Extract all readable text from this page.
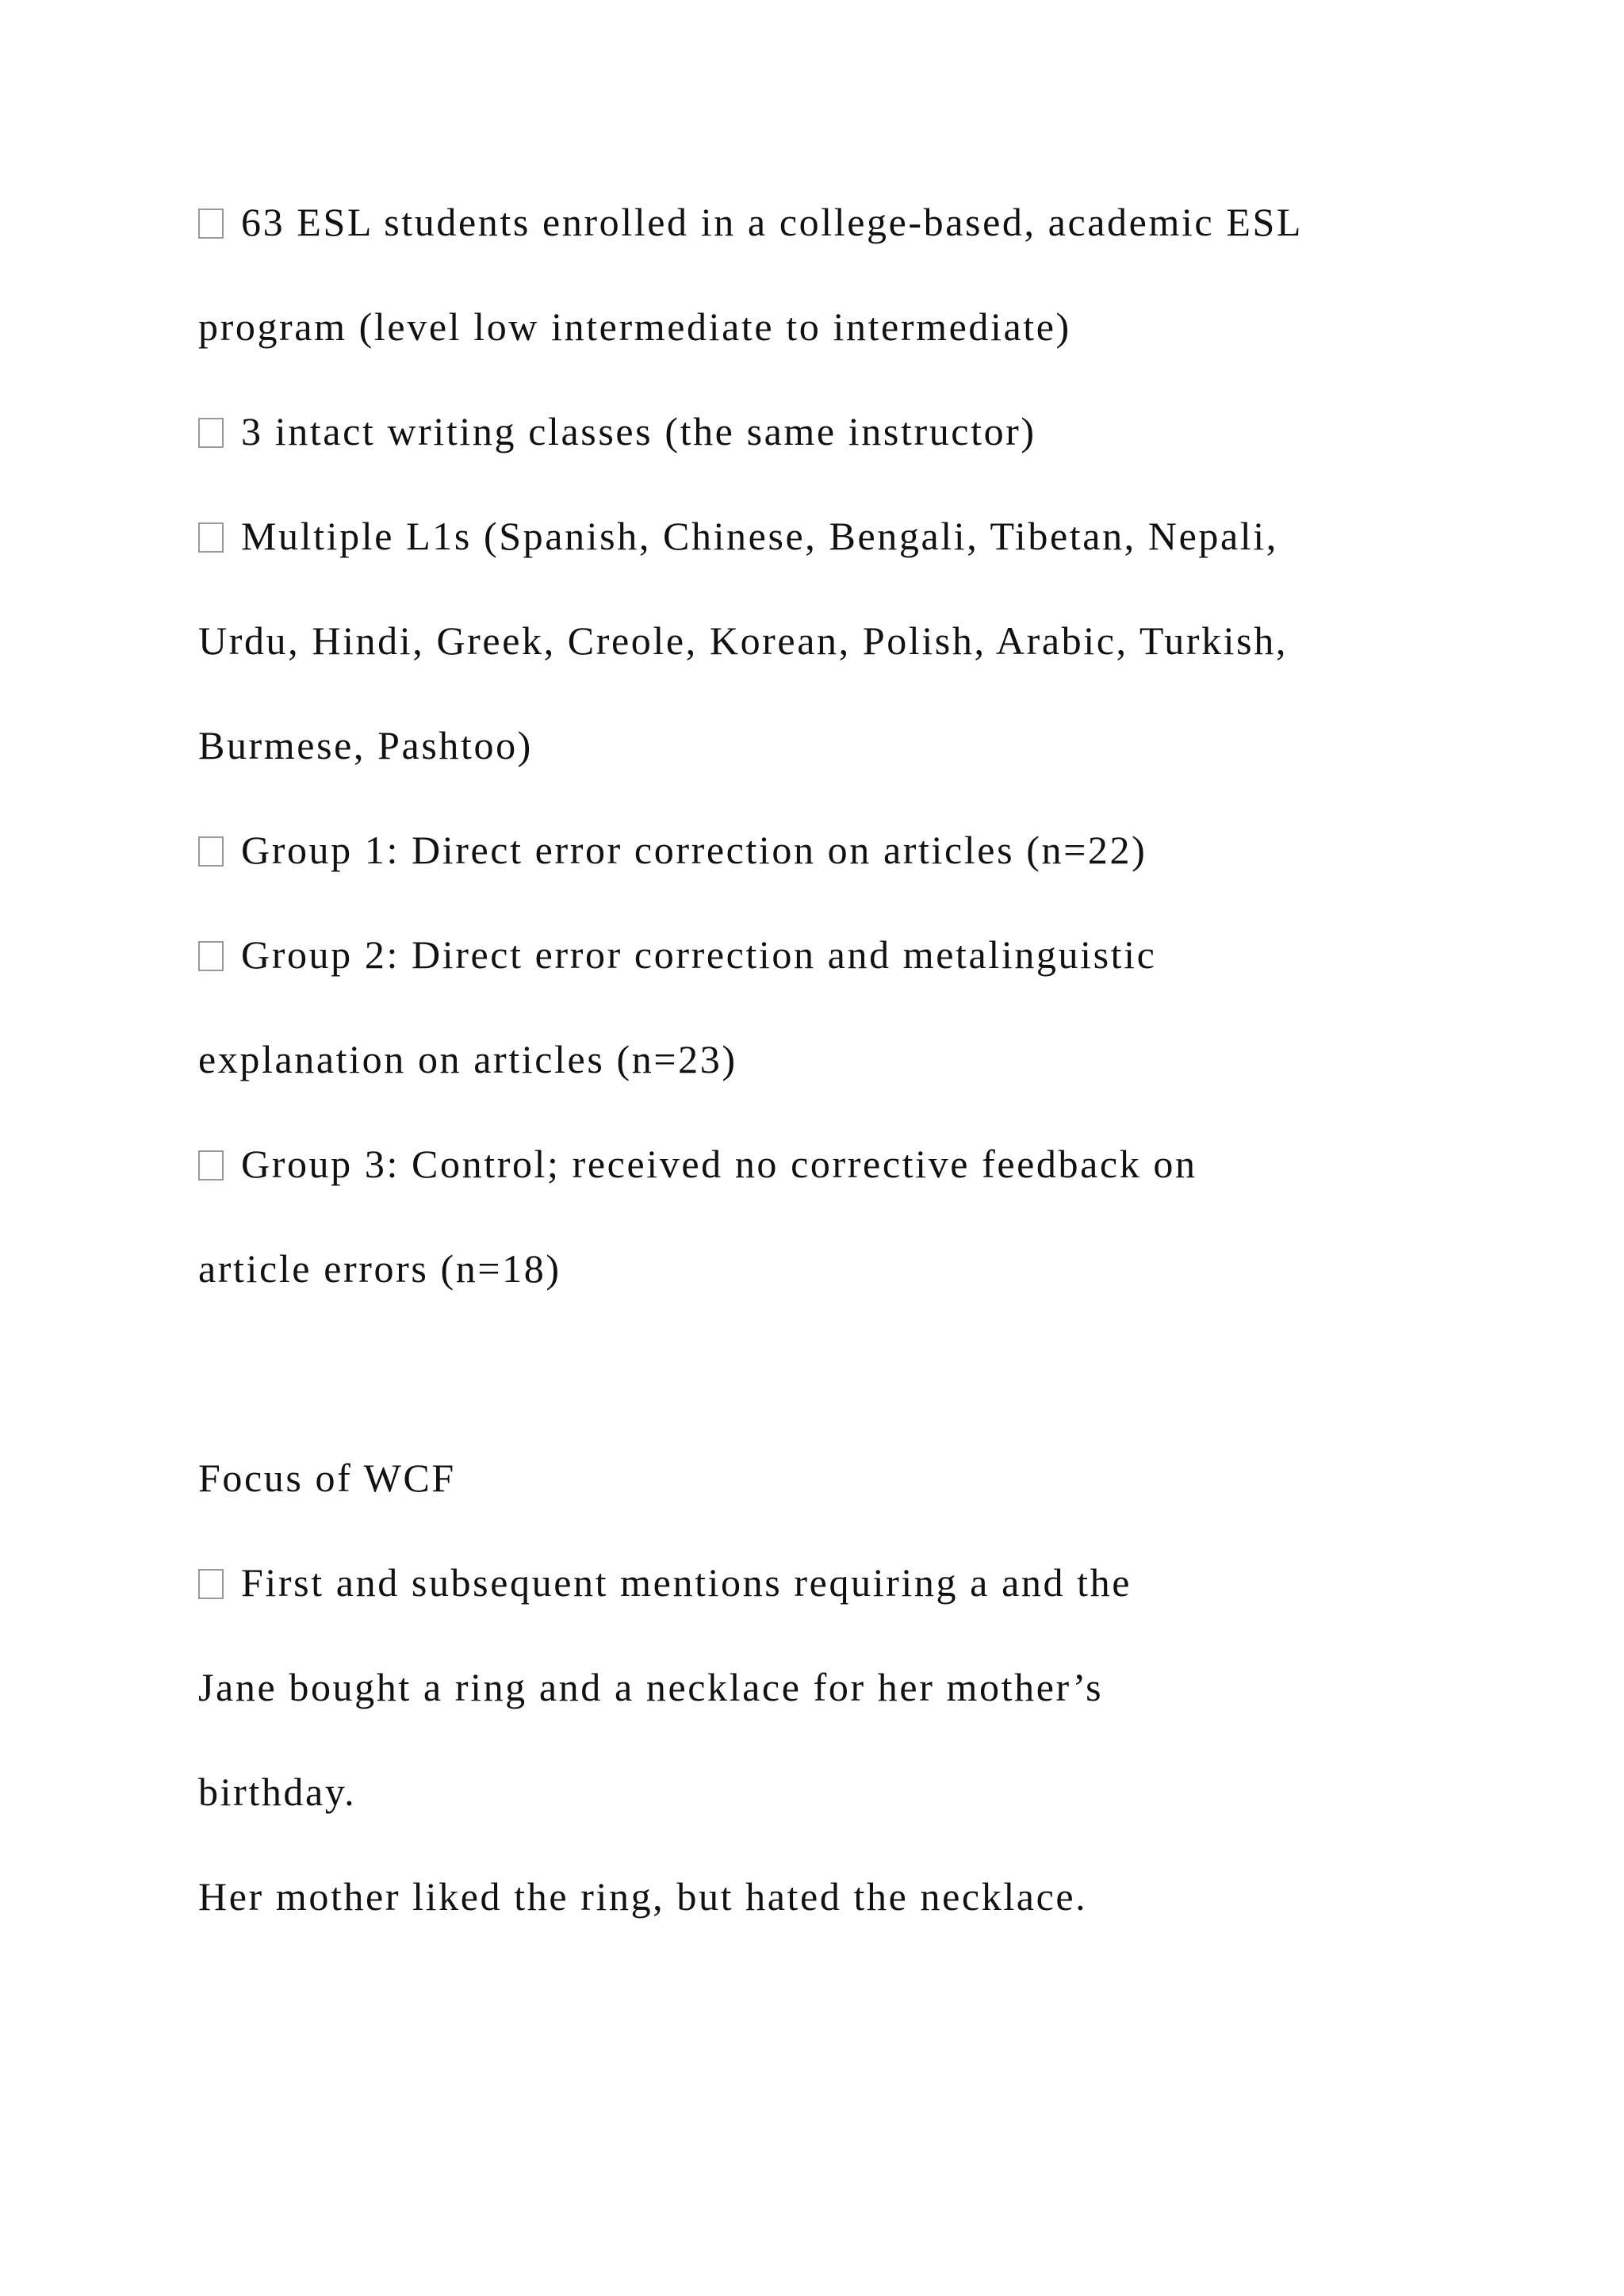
63 ESL students enrolled in a college-based, academic ESL
program (level low intermediate to intermediate)
3 intact writing classes (the same instructor)
Multiple L1s (Spanish, Chinese, Bengali, Tibetan, Nepali,
Urdu, Hindi, Greek, Creole, Korean, Polish, Arabic, Turkish,
Burmese, Pashtoo)
Group 1: Direct error correction on articles (n=22)
Group 2: Direct error correction and metalinguistic
explanation on articles (n=23)
Group 3: Control; received no corrective feedback on
article errors (n=18)
Focus of WCF
First and subsequent mentions requiring a and the
Jane bought a ring and a necklace for her mother’s
birthday.
Her mother liked the ring, but hated the necklace.
